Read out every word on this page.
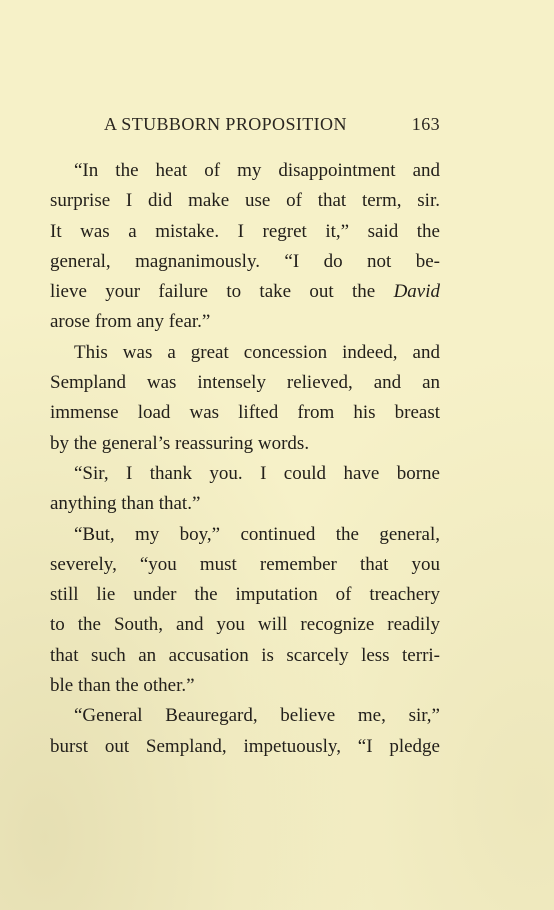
A STUBBORN PROPOSITION	163
“In the heat of my disappointment and
surprise I did make use of that term, sir.
It was a mistake. I regret it,” said the
general, magnanimously. “I do not be-
lieve your failure to take out the David
arose from any fear.”
This was a great concession indeed, and
Sempland was intensely relieved, and an
immense load was lifted from his breast
by the general’s reassuring words.
“Sir, I thank you. I could have borne
anything than that.”
“But, my boy,” continued the general,
severely, “you must remember that you
still lie under the imputation of treachery
to the South, and you will recognize readily
that such an accusation is scarcely less terri-
ble than the other.”
“General Beauregard, believe me, sir,”
burst out Sempland, impetuously, “I pledge
